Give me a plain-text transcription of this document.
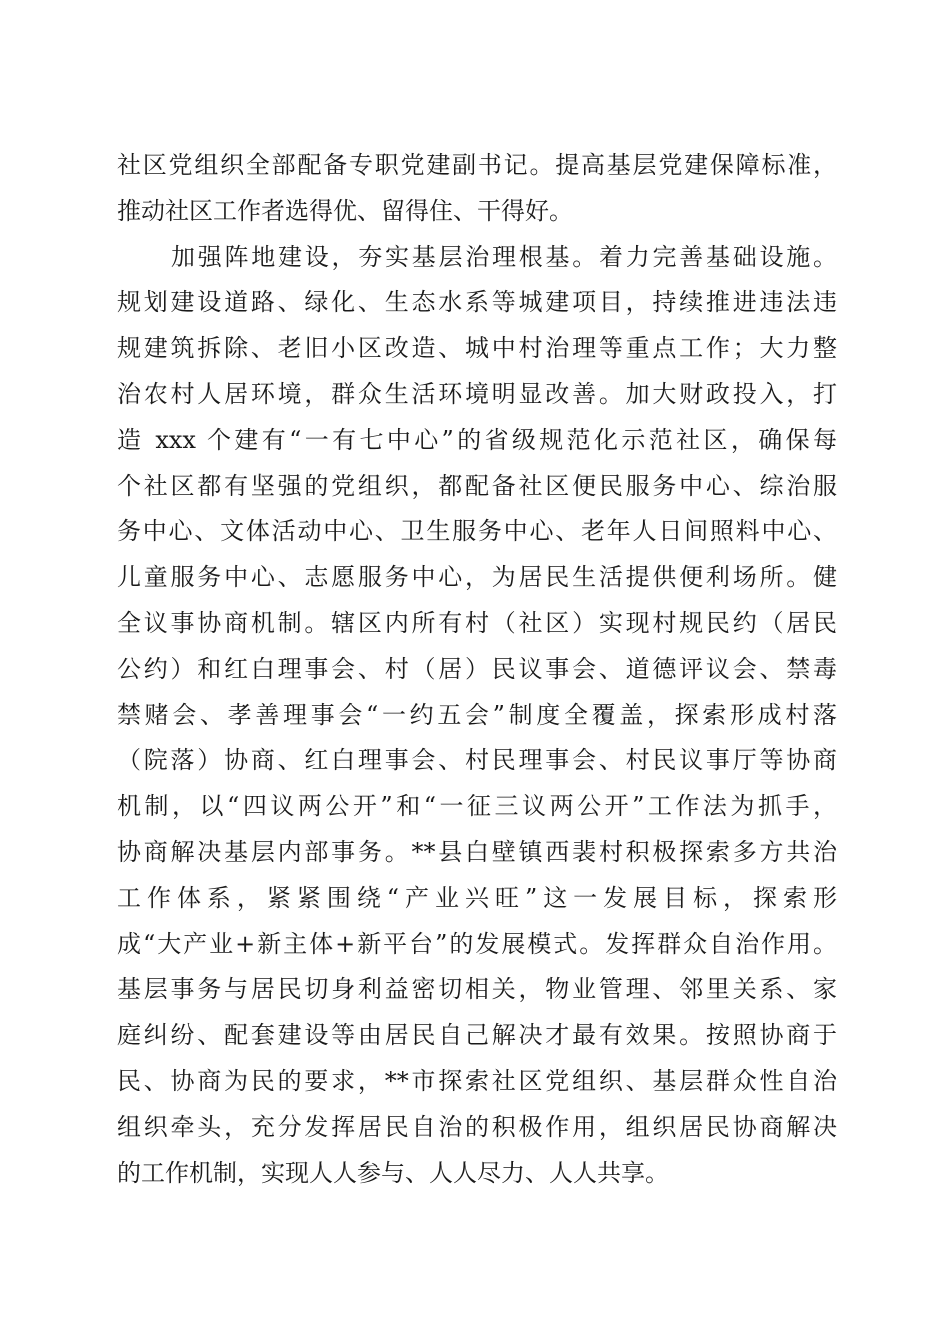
社区党组织全部配备专职党建副书记。提高基层党建保障标准，
推动社区工作者选得优、留得住、干得好。
加强阵地建设，夯实基层治理根基。着力完善基础设施。
规划建设道路、绿化、生态水系等城建项目，持续推进违法违
规建筑拆除、老旧小区改造、城中村治理等重点工作；大力整
治农村人居环境，群众生活环境明显改善。加大财政投入，打
造 xxx 个建有“一有七中心”的省级规范化示范社区，确保每
个社区都有坚强的党组织，都配备社区便民服务中心、综治服
务中心、文体活动中心、卫生服务中心、老年人日间照料中心、
儿童服务中心、志愿服务中心，为居民生活提供便利场所。健
全议事协商机制。辖区内所有村（社区）实现村规民约（居民
公约）和红白理事会、村（居）民议事会、道德评议会、禁毒
禁赌会、孝善理事会“一约五会”制度全覆盖，探索形成村落
（院落）协商、红白理事会、村民理事会、村民议事厅等协商
机制，以“四议两公开”和“一征三议两公开”工作法为抓手，
协商解决基层内部事务。**县白壁镇西裴村积极探索多方共治
工作体系，紧紧围绕“产业兴旺”这一发展目标，探索形
成“大产业+新主体+新平台”的发展模式。发挥群众自治作用。
基层事务与居民切身利益密切相关，物业管理、邻里关系、家
庭纠纷、配套建设等由居民自己解决才最有效果。按照协商于
民、协商为民的要求，**市探索社区党组织、基层群众性自治
组织牵头，充分发挥居民自治的积极作用，组织居民协商解决
的工作机制，实现人人参与、人人尽力、人人共享。
